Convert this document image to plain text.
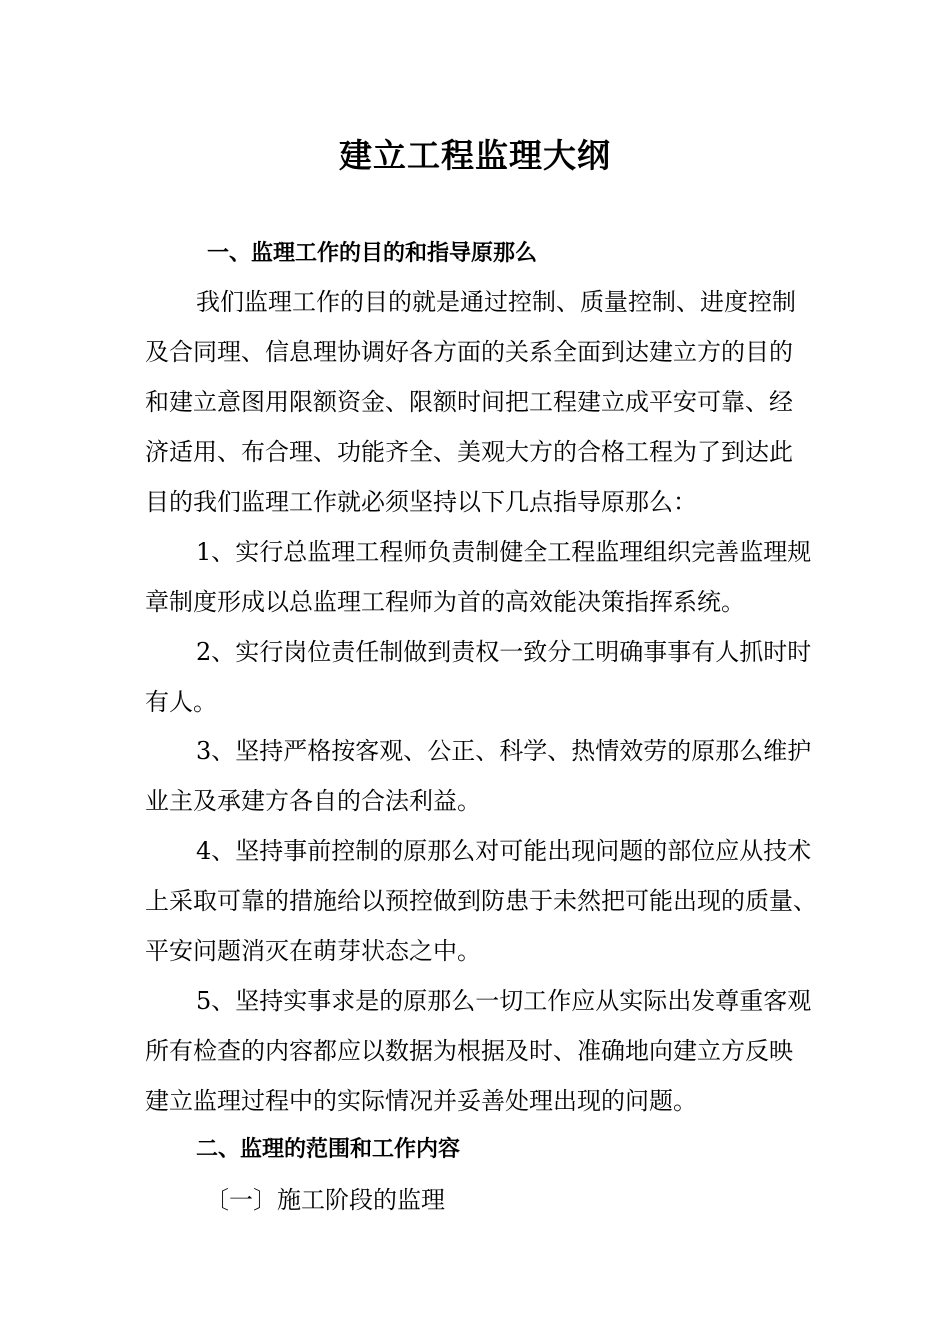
建立工程监理大纲
一、监理工作的目的和指导原那么
我们监理工作的目的就是通过控制、质量控制、进度控制
及合同理、信息理协调好各方面的关系全面到达建立方的目的
和建立意图用限额资金、限额时间把工程建立成平安可靠、经
济适用、布合理、功能齐全、美观大方的合格工程为了到达此
目的我们监理工作就必须坚持以下几点指导原那么：
1、实行总监理工程师负责制健全工程监理组织完善监理规
章制度形成以总监理工程师为首的高效能决策指挥系统。
2、实行岗位责任制做到责权一致分工明确事事有人抓时时
有人。
3、坚持严格按客观、公正、科学、热情效劳的原那么维护
业主及承建方各自的合法利益。
4、坚持事前控制的原那么对可能出现问题的部位应从技术
上采取可靠的措施给以预控做到防患于未然把可能出现的质量、
平安问题消灭在萌芽状态之中。
5、坚持实事求是的原那么一切工作应从实际出发尊重客观
所有检查的内容都应以数据为根据及时、准确地向建立方反映
建立监理过程中的实际情况并妥善处理出现的问题。
二、监理的范围和工作内容
〔一〕施工阶段的监理
